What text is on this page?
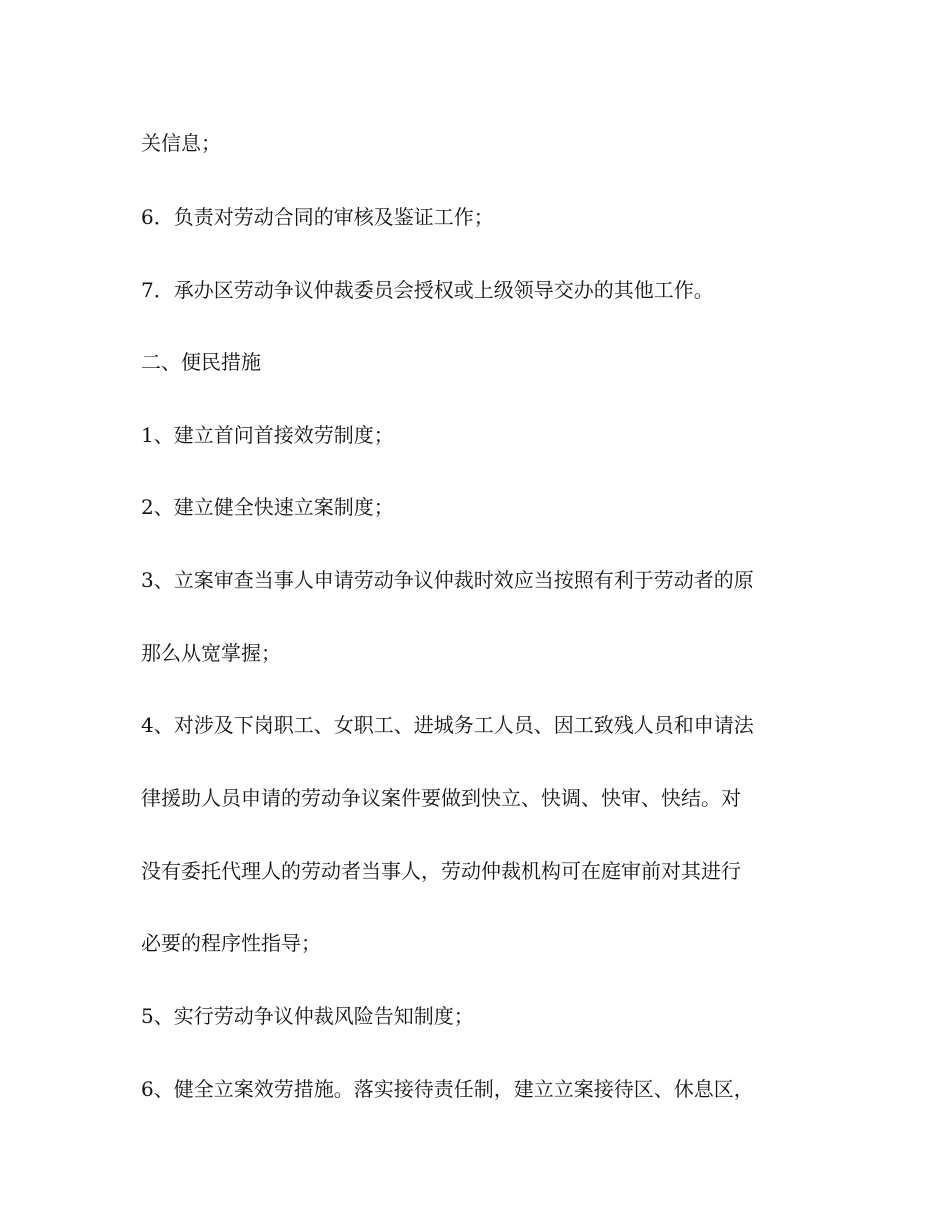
关信息；

6．负责对劳动合同的审核及鉴证工作；

7．承办区劳动争议仲裁委员会授权或上级领导交办的其他工作。

二、便民措施

1、建立首问首接效劳制度；

2、建立健全快速立案制度；

3、立案审查当事人申请劳动争议仲裁时效应当按照有利于劳动者的原

那么从宽掌握；

4、对涉及下岗职工、女职工、进城务工人员、因工致残人员和申请法

律援助人员申请的劳动争议案件要做到快立、快调、快审、快结。对

没有委托代理人的劳动者当事人，劳动仲裁机构可在庭审前对其进行

必要的程序性指导；

5、实行劳动争议仲裁风险告知制度；

6、健全立案效劳措施。落实接待责任制，建立立案接待区、休息区，
